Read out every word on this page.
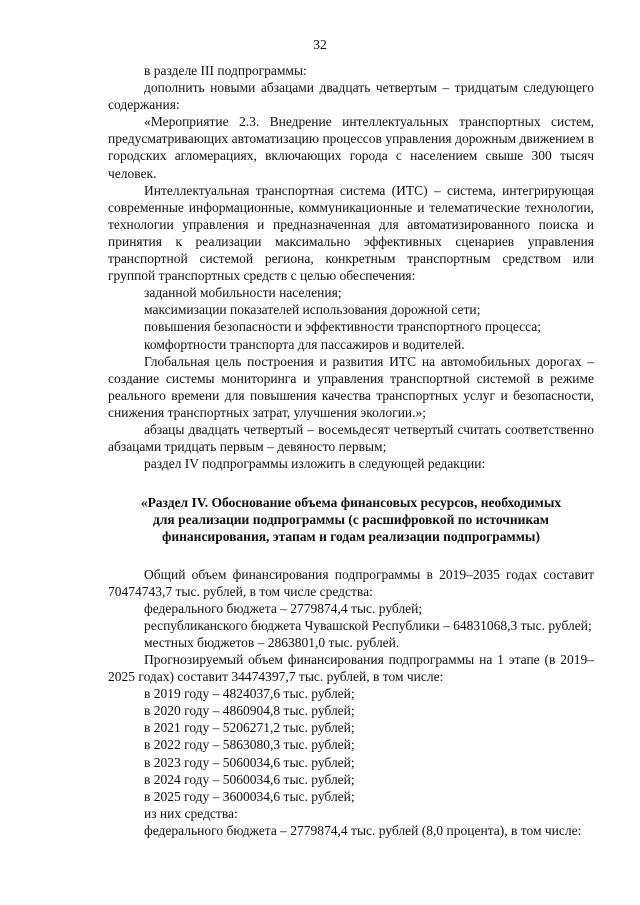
32

в разделе III подпрограммы:

дополнить новыми абзацами двадцать четвертым – тридцатым следующего содержания:

«Мероприятие 2.3. Внедрение интеллектуальных транспортных систем, предусматривающих автоматизацию процессов управления дорожным движением в городских агломерациях, включающих города с населением свыше 300 тысяч человек.

Интеллектуальная транспортная система (ИТС) – система, интегрирующая современные информационные, коммуникационные и телематические технологии, технологии управления и предназначенная для автоматизированного поиска и принятия к реализации максимально эффективных сценариев управления транспортной системой региона, конкретным транспортным средством или группой транспортных средств с целью обеспечения:

заданной мобильности населения;

максимизации показателей использования дорожной сети;

повышения безопасности и эффективности транспортного процесса;

комфортности транспорта для пассажиров и водителей.

Глобальная цель построения и развития ИТС на автомобильных дорогах – создание системы мониторинга и управления транспортной системой в режиме реального времени для повышения качества транспортных услуг и безопасности, снижения транспортных затрат, улучшения экологии.»;

абзацы двадцать четвертый – восемьдесят четвертый считать соответственно абзацами тридцать первым – девяносто первым;

раздел IV подпрограммы изложить в следующей редакции:

«Раздел IV. Обоснование объема финансовых ресурсов, необходимых
для реализации подпрограммы (с расшифровкой по источникам
финансирования, этапам и годам реализации подпрограммы)

Общий объем финансирования подпрограммы в 2019–2035 годах составит 70474743,7 тыс. рублей, в том числе средства:

федерального бюджета – 2779874,4 тыс. рублей;

республиканского бюджета Чувашской Республики – 64831068,3 тыс. рублей;

местных бюджетов – 2863801,0 тыс. рублей.

Прогнозируемый объем финансирования подпрограммы на 1 этапе (в 2019–2025 годах) составит 34474397,7 тыс. рублей, в том числе:

в 2019 году – 4824037,6 тыс. рублей;

в 2020 году – 4860904,8 тыс. рублей;

в 2021 году – 5206271,2 тыс. рублей;

в 2022 году – 5863080,3 тыс. рублей;

в 2023 году – 5060034,6 тыс. рублей;

в 2024 году – 5060034,6 тыс. рублей;

в 2025 году – 3600034,6 тыс. рублей;

из них средства:

федерального бюджета – 2779874,4 тыс. рублей (8,0 процента), в том числе:
